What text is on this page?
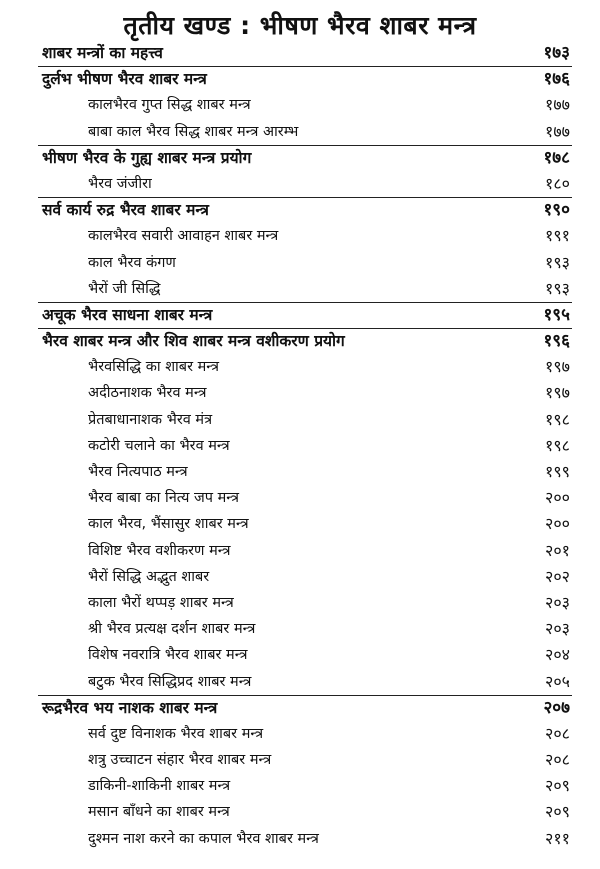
तृतीय खण्ड : भीषण भैरव शाबर मन्त्र
शाबर मन्त्रों का महत्त्व	१७३
दुर्लभ भीषण भैरव शाबर मन्त्र	१७६
कालभैरव गुप्त सिद्ध शाबर मन्त्र	१७७
बाबा काल भैरव सिद्ध शाबर मन्त्र आरम्भ	१७७
भीषण भैरव के गुह्य शाबर मन्त्र प्रयोग	१७८
भैरव जंजीरा	१८०
सर्व कार्य रुद्र भैरव शाबर मन्त्र	१९०
कालभैरव सवारी आवाहन शाबर मन्त्र	१९१
काल भैरव कंगण	१९३
भैरों जी सिद्धि	१९३
अचूक भैरव साधना शाबर मन्त्र	१९५
भैरव शाबर मन्त्र और शिव शाबर मन्त्र वशीकरण प्रयोग	१९६
भैरवसिद्धि का शाबर मन्त्र	१९७
अदीठनाशक भैरव मन्त्र	१९७
प्रेतबाधानाशक भैरव मंत्र	१९८
कटोरी चलाने का भैरव मन्त्र	१९८
भैरव नित्यपाठ मन्त्र	१९९
भैरव बाबा का नित्य जप मन्त्र	२००
काल भैरव, भैंसासुर शाबर मन्त्र	२००
विशिष्ट भैरव वशीकरण मन्त्र	२०१
भैरों सिद्धि अद्भुत शाबर	२०२
काला भैरों थप्पड़ शाबर मन्त्र	२०३
श्री भैरव प्रत्यक्ष दर्शन शाबर मन्त्र	२०३
विशेष नवरात्रि भैरव शाबर मन्त्र	२०४
बटुक भैरव सिद्धिप्रद शाबर मन्त्र	२०५
रूद्रभैरव भय नाशक शाबर मन्त्र	२०७
सर्व दुष्ट विनाशक भैरव शाबर मन्त्र	२०८
शत्रु उच्चाटन संहार भैरव शाबर मन्त्र	२०८
डाकिनी-शाकिनी शाबर मन्त्र	२०९
मसान बाँधने का शाबर मन्त्र	२०९
दुश्मन नाश करने का कपाल भैरव शाबर मन्त्र	२११
